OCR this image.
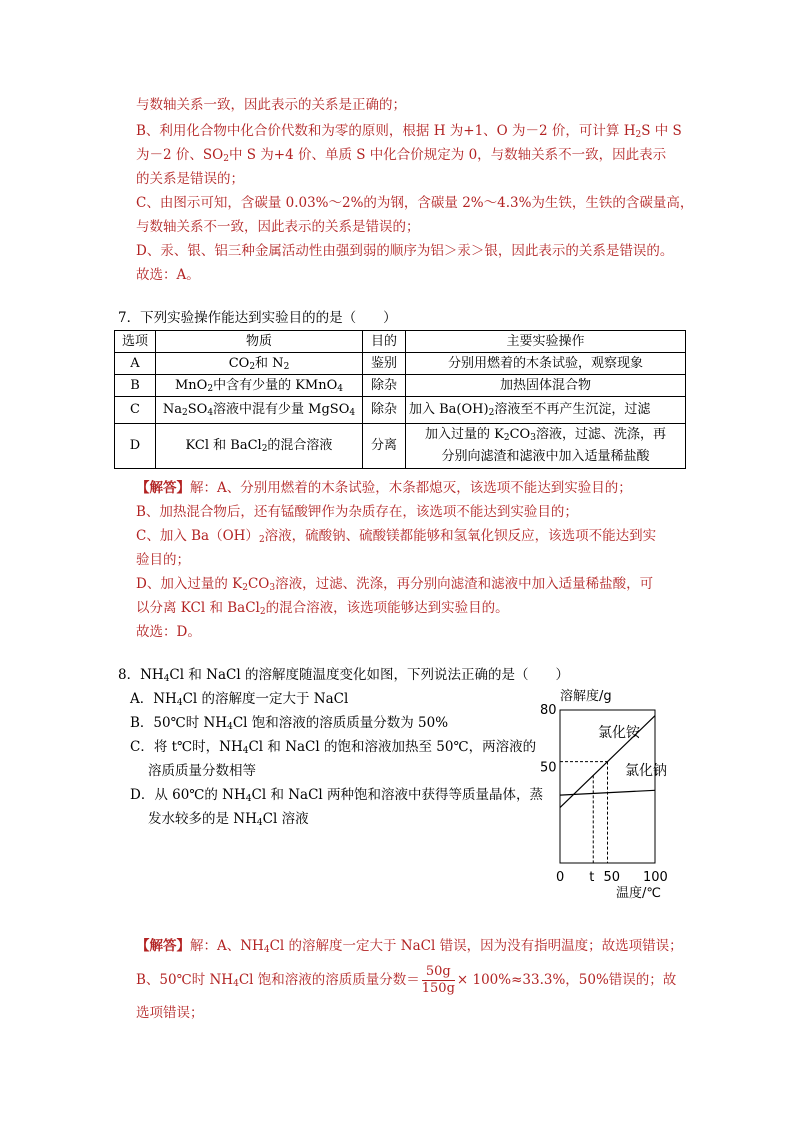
与数轴关系一致，因此表示的关系是正确的；
B、利用化合物中化合价代数和为零的原则，根据 H 为+1、O 为－2 价，可计算 $H_2S$ 中 S
为－2 价、$SO_2$中 S 为+4 价、单质 S 中化合价规定为 0，与数轴关系不一致，因此表示
的关系是错误的；
C、由图示可知，含碳量 0.03%～2%的为钢，含碳量 2%～4.3%为生铁，生铁的含碳量高，
与数轴关系不一致，因此表示的关系是错误的；
D、汞、银、铝三种金属活动性由强到弱的顺序为铝＞汞＞银，因此表示的关系是错误的。
故选：A。
7．下列实验操作能达到实验目的的是（　　）
选项	物质	目的	主要实验操作
A	$CO_2$和 $N_2$	鉴别	分别用燃着的木条试验，观察现象
B	MnO$_2$中含有少量的 KMnO$_4$	除杂	加热固体混合物
C	$Na_2SO_4$溶液中混有少量 MgSO$_4$	除杂	加入 $Ba(OH)_2$溶液至不再产生沉淀，过滤
D	KCl 和 BaCl$_2$的混合溶液	分离	加入过量的 $K_2CO_3$溶液，过滤、洗涤，再
分别向滤渣和滤液中加入适量稀盐酸
【解答】解：A、分别用燃着的木条试验，木条都熄灭，该选项不能达到实验目的；
B、加热混合物后，还有锰酸钾作为杂质存在，该选项不能达到实验目的；
C、加入 $Ba(OH)_2$溶液，硫酸钠、硫酸镁都能够和氢氧化钡反应，该选项不能达到实
验目的；
D、加入过量的 $K_2CO_3$溶液，过滤、洗涤，再分别向滤渣和滤液中加入适量稀盐酸，可
以分离 KCl 和 BaCl$_2$的混合溶液，该选项能够达到实验目的。
故选：D。
8．$NH_4Cl$ 和 NaCl 的溶解度随温度变化如图，下列说法正确的是（　　）
A．$NH_4Cl$ 的溶解度一定大于 NaCl
B．50℃时 $NH_4Cl$ 饱和溶液的溶质质量分数为 50%
C．将 t℃时，$NH_4Cl$ 和 NaCl 的饱和溶液加热至 50℃，两溶液的
溶质质量分数相等
D．从 60℃的 $NH_4Cl$ 和 NaCl 两种饱和溶液中获得等质量晶体，蒸
发水较多的是 $NH_4Cl$ 溶液
溶解度/g
0 t 50 100
50
80
氯化铵
氯化钠
温度/℃
【解答】解：A、$NH_4Cl$ 的溶解度一定大于 NaCl 错误，因为没有指明温度；故选项错误；
B、50℃时 $NH_4Cl$ 饱和溶液的溶质质量分数＝ $\frac{50g}{150g} \times 100\%\approx 33.3\%$，50%错误的；故
选项错误；
